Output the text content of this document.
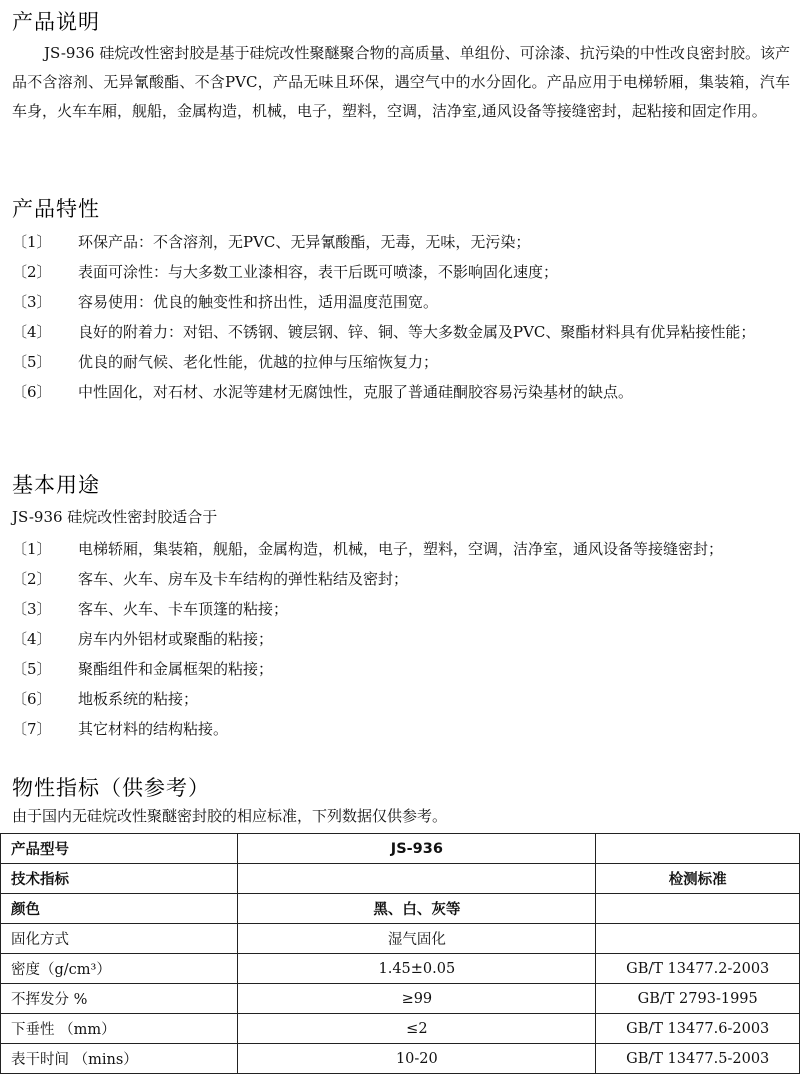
产品说明

JS-936 硅烷改性密封胶是基于硅烷改性聚醚聚合物的高质量、单组份、可涂漆、抗污染的中性改良密封胶。该产品不含溶剂、无异氰酸酯、不含PVC，产品无味且环保，遇空气中的水分固化。产品应用于电梯轿厢，集装箱，汽车车身，火车车厢，舰船，金属构造，机械，电子，塑料，空调，洁净室,通风设备等接缝密封，起粘接和固定作用。

产品特性
〔1〕	环保产品：不含溶剂，无PVC、无异氰酸酯，无毒，无味，无污染；
〔2〕	表面可涂性：与大多数工业漆相容，表干后既可喷漆，不影响固化速度；
〔3〕	容易使用：优良的触变性和挤出性，适用温度范围宽。
〔4〕	良好的附着力：对铝、不锈钢、镀层钢、锌、铜、等大多数金属及PVC、聚酯材料具有优异粘接性能；
〔5〕	优良的耐气候、老化性能，优越的拉伸与压缩恢复力；
〔6〕	中性固化，对石材、水泥等建材无腐蚀性，克服了普通硅酮胶容易污染基材的缺点。
基本用途

JS-936 硅烷改性密封胶适合于

〔1〕	电梯轿厢，集装箱，舰船，金属构造，机械，电子，塑料，空调，洁净室，通风设备等接缝密封；
〔2〕	客车、火车、房车及卡车结构的弹性粘结及密封；
〔3〕	客车、火车、卡车顶篷的粘接；
〔4〕	房车内外铝材或聚酯的粘接；
〔5〕	聚酯组件和金属框架的粘接；
〔6〕	地板系统的粘接；
〔7〕	其它材料的结构粘接。
物性指标（供参考）

由于国内无硅烷改性聚醚密封胶的相应标准，下列数据仅供参考。

产品型号	JS-936	
技术指标		检测标准
颜色	黑、白、灰等	
固化方式	湿气固化	
密度（g/cm³）	1.45±0.05	GB/T 13477.2-2003
不挥发分 %	≥99	GB/T 2793-1995
下垂性 （mm）	≤2	GB/T 13477.6-2003
表干时间 （mins）	10-20	GB/T 13477.5-2003
